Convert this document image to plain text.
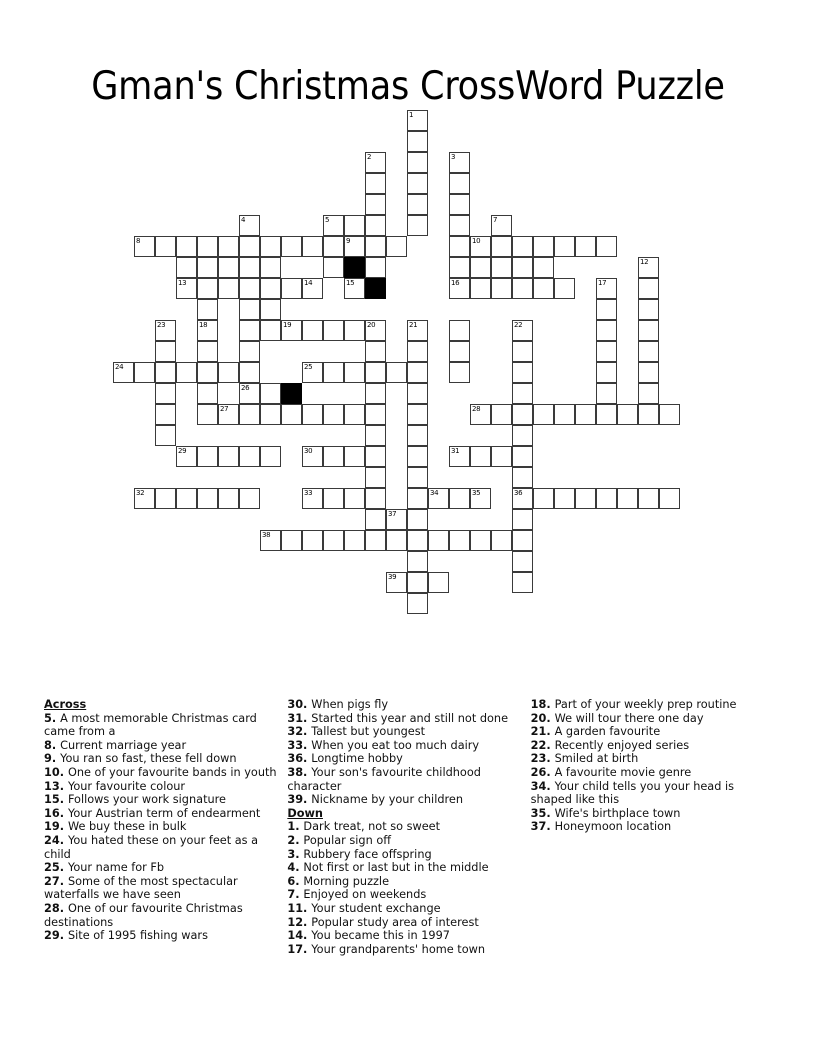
Gman's Christmas CrossWord Puzzle
1
2	3
4	5	7
8	9	10
12
13	14	15	16	17
23	18	19	20	21	22
24	25
26
27	28
29	30	31
32	33	34	35	36
37
38
39
Across
5. A most memorable Christmas card came from a
8. Current marriage year
9. You ran so fast, these fell down
10. One of your favourite bands in youth
13. Your favourite colour
15. Follows your work signature
16. Your Austrian term of endearment
19. We buy these in bulk
24. You hated these on your feet as a child
25. Your name for Fb
27. Some of the most spectacular waterfalls we have seen
28. One of our favourite Christmas destinations
29. Site of 1995 fishing wars
30. When pigs fly
31. Started this year and still not done
32. Tallest but youngest
33. When you eat too much dairy
36. Longtime hobby
38. Your son's favourite childhood character
39. Nickname by your children
Down
1. Dark treat, not so sweet
2. Popular sign off
3. Rubbery face offspring
4. Not first or last but in the middle
6. Morning puzzle
7. Enjoyed on weekends
11. Your student exchange
12. Popular study area of interest
14. You became this in 1997
17. Your grandparents' home town
18. Part of your weekly prep routine
20. We will tour there one day
21. A garden favourite
22. Recently enjoyed series
23. Smiled at birth
26. A favourite movie genre
34. Your child tells you your head is shaped like this
35. Wife's birthplace town
37. Honeymoon location
